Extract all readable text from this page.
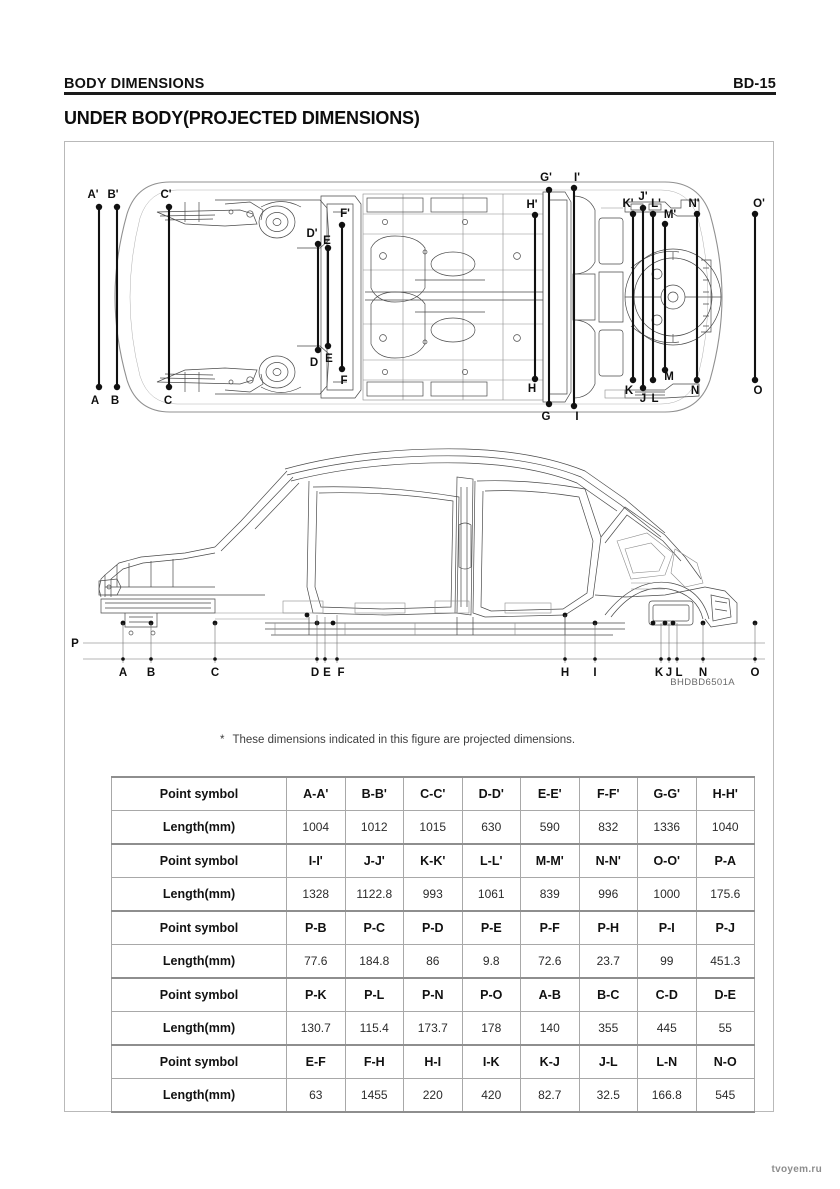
BODY DIMENSIONS	BD-15
UNDER BODY(PROJECTED DIMENSIONS)
A' B'	C'
D'
E
F'
G'
H'
I'
K'
J'
L'
M'
N'	O'
A B	C
D E
F
G
H
I
K
J L
M
N	O
P
A B	C	D E F	H I	K J L N	O
BHDBD6501A
* These dimensions indicated in this figure are projected dimensions.
Point symbol	A-A'	B-B'	C-C'	D-D'	E-E'	F-F'	G-G'	H-H'
Length(mm)	1004	1012	1015	630	590	832	1336	1040
Point symbol	I-I'	J-J'	K-K'	L-L'	M-M'	N-N'	O-O'	P-A
Length(mm)	1328	1122.8	993	1061	839	996	1000	175.6
Point symbol	P-B	P-C	P-D	P-E	P-F	P-H	P-I	P-J
Length(mm)	77.6	184.8	86	9.8	72.6	23.7	99	451.3
Point symbol	P-K	P-L	P-N	P-O	A-B	B-C	C-D	D-E
Length(mm)	130.7	115.4	173.7	178	140	355	445	55
Point symbol	E-F	F-H	H-I	I-K	K-J	J-L	L-N	N-O
Length(mm)	63	1455	220	420	82.7	32.5	166.8	545
tvoyem.ru
